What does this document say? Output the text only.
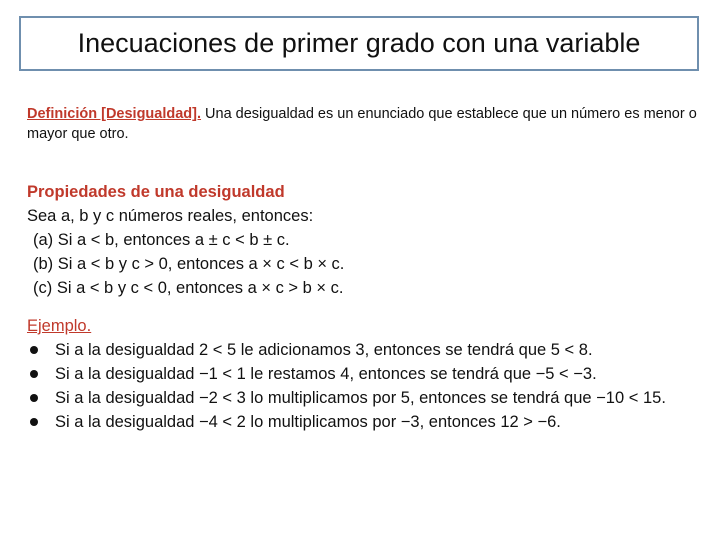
Inecuaciones de primer grado con una variable
Definición [Desigualdad]. Una desigualdad es un enunciado que establece que un número es menor o mayor que otro.
Propiedades de una desigualdad
Sea a, b y c números reales, entonces:
(a) Si a < b, entonces a ± c < b ± c.
(b) Si a < b y c > 0, entonces a × c < b × c.
(c) Si a < b y c < 0, entonces a × c > b × c.
Ejemplo.
Si a la desigualdad 2 < 5 le adicionamos 3, entonces se tendrá que 5 < 8.
Si a la desigualdad −1 < 1 le restamos 4, entonces se tendrá que −5 < −3.
Si a la desigualdad −2 < 3 lo multiplicamos por 5, entonces se tendrá que −10 < 15.
Si a la desigualdad −4 < 2 lo multiplicamos por −3, entonces 12 > −6.
